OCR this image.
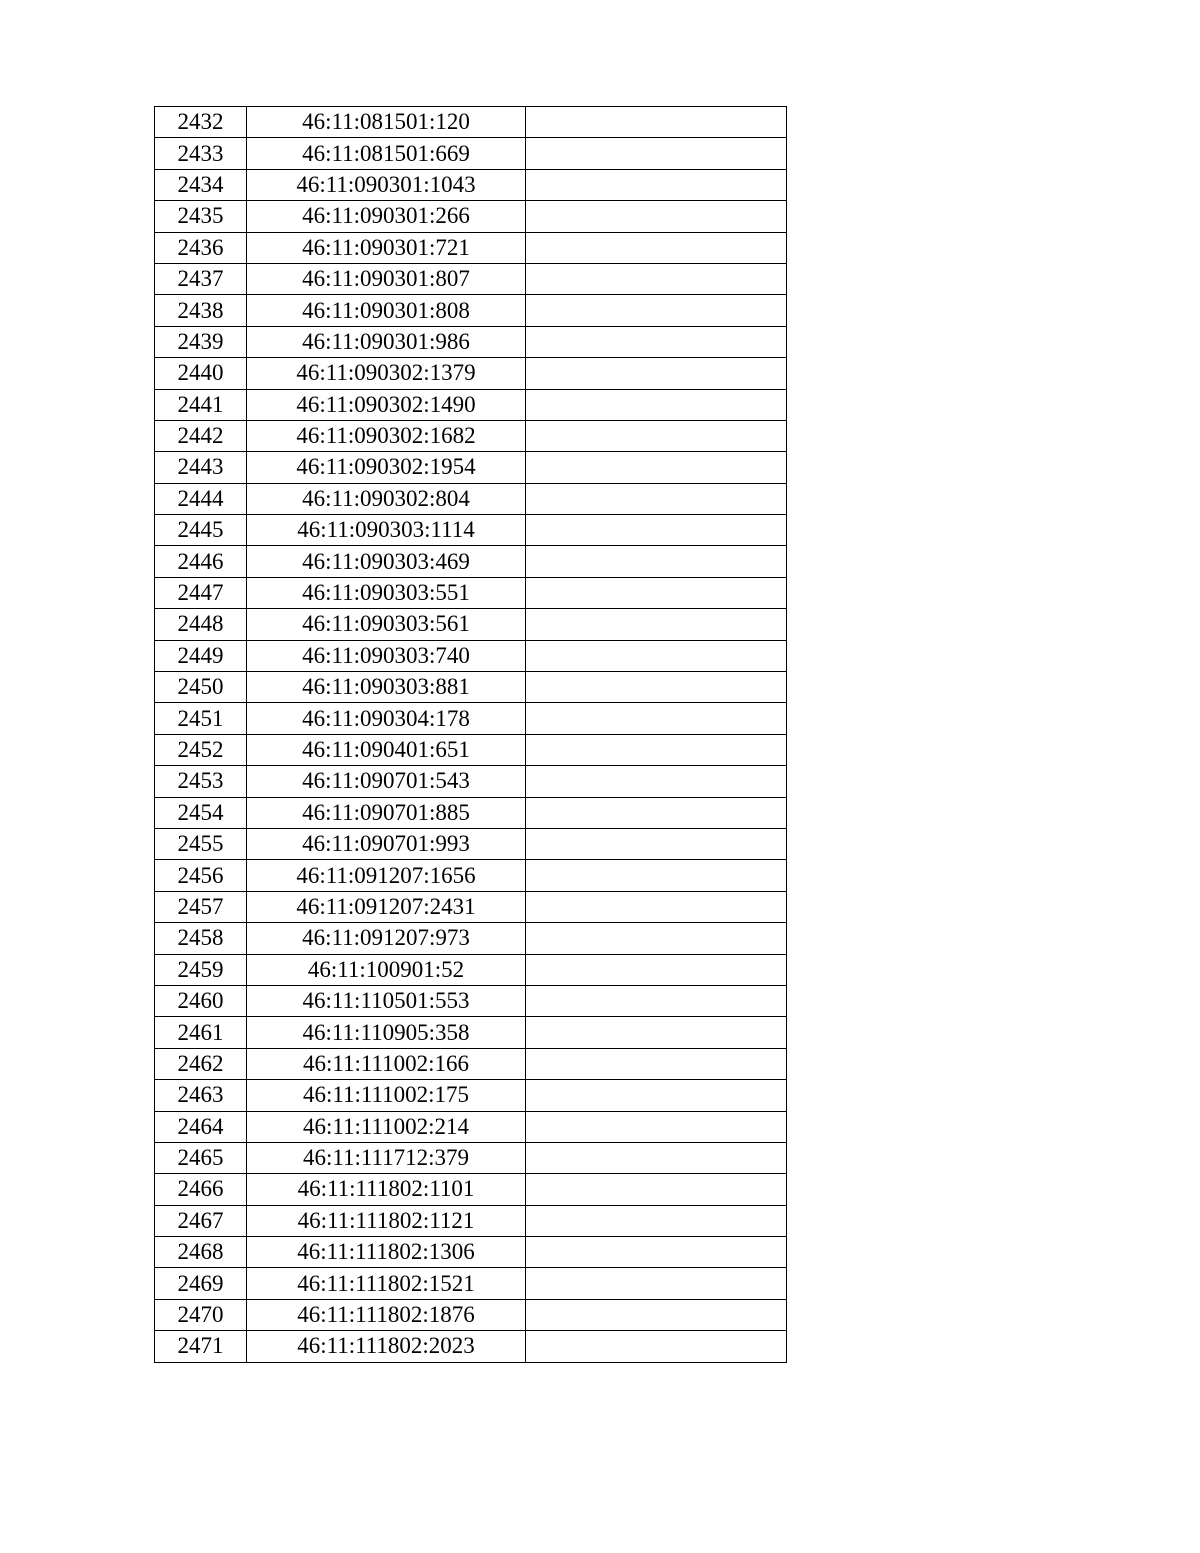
2432	46:11:081501:120	
2433	46:11:081501:669	
2434	46:11:090301:1043	
2435	46:11:090301:266	
2436	46:11:090301:721	
2437	46:11:090301:807	
2438	46:11:090301:808	
2439	46:11:090301:986	
2440	46:11:090302:1379	
2441	46:11:090302:1490	
2442	46:11:090302:1682	
2443	46:11:090302:1954	
2444	46:11:090302:804	
2445	46:11:090303:1114	
2446	46:11:090303:469	
2447	46:11:090303:551	
2448	46:11:090303:561	
2449	46:11:090303:740	
2450	46:11:090303:881	
2451	46:11:090304:178	
2452	46:11:090401:651	
2453	46:11:090701:543	
2454	46:11:090701:885	
2455	46:11:090701:993	
2456	46:11:091207:1656	
2457	46:11:091207:2431	
2458	46:11:091207:973	
2459	46:11:100901:52	
2460	46:11:110501:553	
2461	46:11:110905:358	
2462	46:11:111002:166	
2463	46:11:111002:175	
2464	46:11:111002:214	
2465	46:11:111712:379	
2466	46:11:111802:1101	
2467	46:11:111802:1121	
2468	46:11:111802:1306	
2469	46:11:111802:1521	
2470	46:11:111802:1876	
2471	46:11:111802:2023	
